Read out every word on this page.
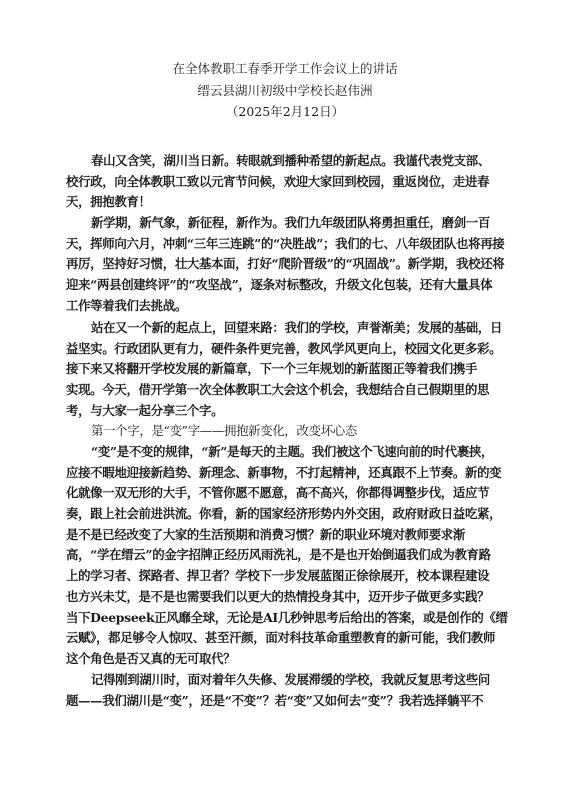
在全体教职工春季开学工作会议上的讲话
缙云县湖川初级中学校长赵伟洲
（2025年2月12日）
春山又含笑，湖川当日新。转眼就到播种希望的新起点。我谨代表党支部、
校行政，向全体教职工致以元宵节问候，欢迎大家回到校园，重返岗位，走进春
天，拥抱教育！
新学期，新气象，新征程，新作为。我们九年级团队将勇担重任，磨剑一百
天，挥师向六月，冲刺“三年三连跳”的“决胜战”；我们的七、八年级团队也将再接
再厉，坚持好习惯，壮大基本面，打好“爬阶晋级”的“巩固战”。新学期，我校还将
迎来“两县创建终评”的“攻坚战”，逐条对标整改，升级文化包装，还有大量具体
工作等着我们去挑战。
站在又一个新的起点上，回望来路：我们的学校，声誉渐美；发展的基础，日
益坚实。行政团队更有力，硬件条件更完善，教风学风更向上，校园文化更多彩。
接下来又将翻开学校发展的新篇章，下一个三年规划的新蓝图正等着我们携手
实现。今天，借开学第一次全体教职工大会这个机会，我想结合自己假期里的思
考，与大家一起分享三个字。
第一个字，是“变”字——拥抱新变化，改变坏心态
“变”是不变的规律，“新”是每天的主题。我们被这个飞速向前的时代裹挟，
应接不暇地迎接新趋势、新理念、新事物，不打起精神，还真跟不上节奏。新的变
化就像一双无形的大手，不管你愿不愿意，高不高兴，你都得调整步伐，适应节
奏，跟上社会前进洪流。你看，新的国家经济形势内外交困，政府财政日益吃紧，
是不是已经改变了大家的生活预期和消费习惯？新的职业环境对教师要求渐
高，“学在缙云”的金字招牌正经历风雨洗礼，是不是也开始倒逼我们成为教育路
上的学习者、探路者、捍卫者？学校下一步发展蓝图正徐徐展开，校本课程建设
也方兴未艾，是不是也需要我们以更大的热情投身其中，迈开步子做更多实践？
当下Deepseek正风靡全球，无论是AI几秒钟思考后给出的答案，或是创作的《缙
云赋》，都足够令人惊叹、甚至汗颜，面对科技革命重塑教育的新可能，我们教师
这个角色是否又真的无可取代？
记得刚到湖川时，面对着年久失修、发展滞缓的学校，我就反复思考这些问
题——我们湖川是“变”，还是“不变”？若“变”又如何去“变”？我若选择躺平不
